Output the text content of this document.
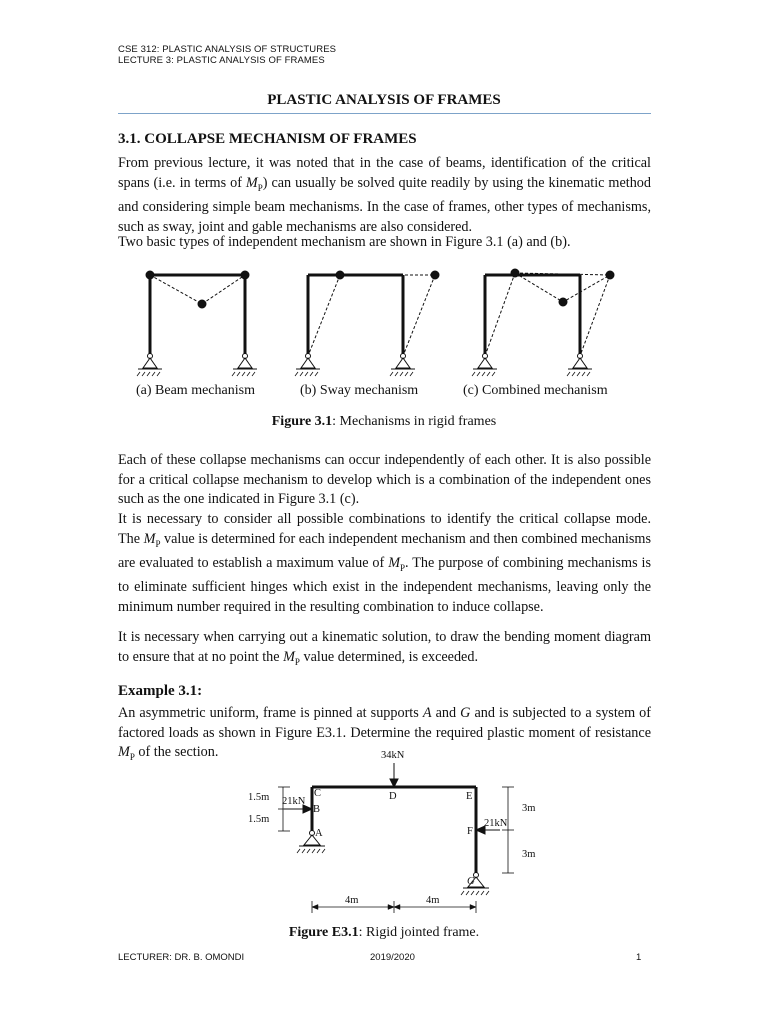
CSE 312: PLASTIC ANALYSIS OF STRUCTURES
LECTURE 3: PLASTIC ANALYSIS OF FRAMES
PLASTIC ANALYSIS OF FRAMES
3.1. COLLAPSE MECHANISM OF FRAMES
From previous lecture, it was noted that in the case of beams, identification of the critical spans (i.e. in terms of $M_P$) can usually be solved quite readily by using the kinematic method and considering simple beam mechanisms. In the case of frames, other types of mechanisms, such as sway, joint and gable mechanisms are also considered.
Two basic types of independent mechanism are shown in Figure 3.1 (a) and (b).
(a) Beam mechanism	(b) Sway mechanism	(c) Combined mechanism
Figure 3.1: Mechanisms in rigid frames
Each of these collapse mechanisms can occur independently of each other. It is also possible for a critical collapse mechanism to develop which is a combination of the independent ones such as the one indicated in Figure 3.1 (c).
It is necessary to consider all possible combinations to identify the critical collapse mode. The $M_P$ value is determined for each independent mechanism and then combined mechanisms are evaluated to establish a maximum value of $M_P$. The purpose of combining mechanisms is to eliminate sufficient hinges which exist in the independent mechanisms, leaving only the minimum number required in the resulting combination to induce collapse.
It is necessary when carrying out a kinematic solution, to draw the bending moment diagram to ensure that at no point the $M_P$ value determined, is exceeded.
Example 3.1:
An asymmetric uniform, frame is pinned at supports A and G and is subjected to a system of factored loads as shown in Figure E3.1. Determine the required plastic moment of resistance $M_P$ of the section.	34kN
21kN
21kN
1.5m
1.5m
3m
3m
4m	4m
A
B
C	D	E
F
G
Figure E3.1: Rigid jointed frame.
LECTURER: DR. B. OMONDI	2019/2020	1
